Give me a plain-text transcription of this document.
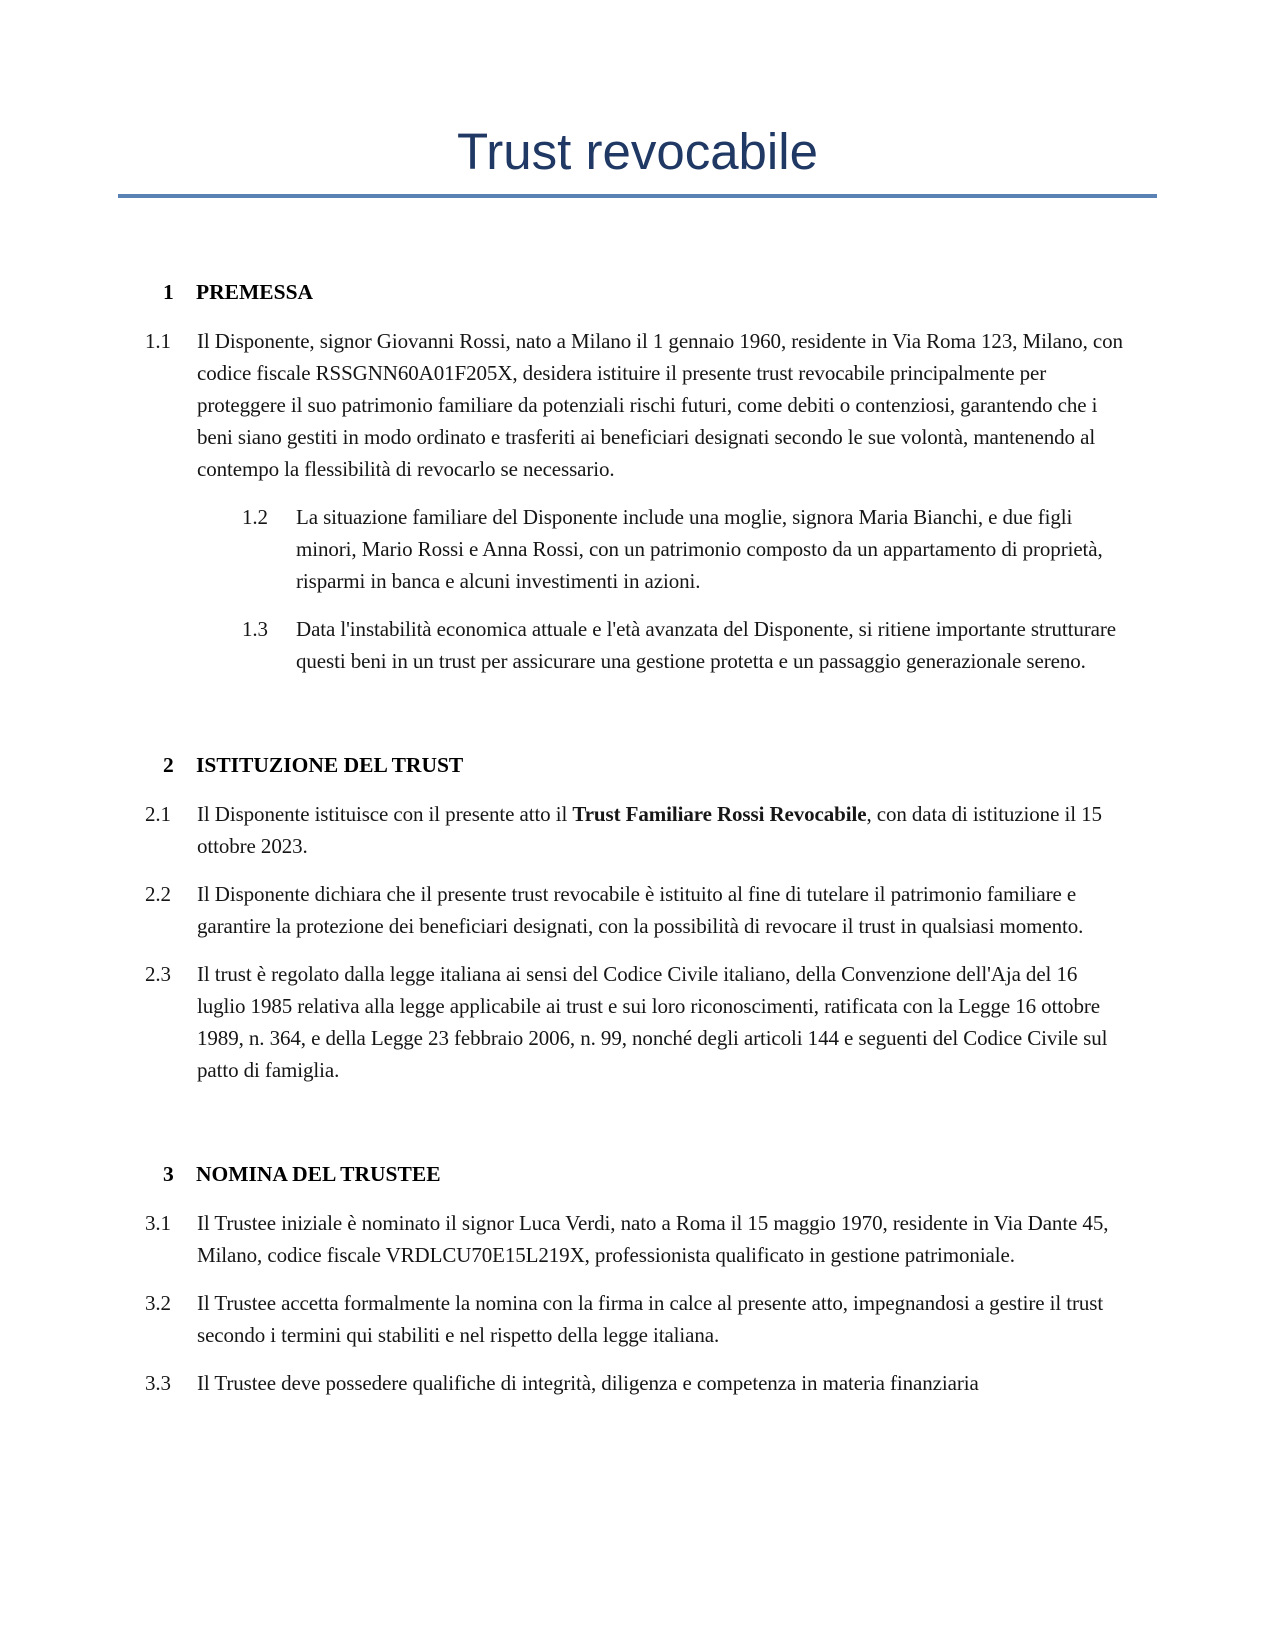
Trust revocabile
1	PREMESSA
1.1	Il Disponente, signor Giovanni Rossi, nato a Milano il 1 gennaio 1960, residente in Via Roma 123, Milano, con codice fiscale RSSGNN60A01F205X, desidera istituire il presente trust revocabile principalmente per proteggere il suo patrimonio familiare da potenziali rischi futuri, come debiti o contenziosi, garantendo che i beni siano gestiti in modo ordinato e trasferiti ai beneficiari designati secondo le sue volontà, mantenendo al contempo la flessibilità di revocarlo se necessario.

1.2	La situazione familiare del Disponente include una moglie, signora Maria Bianchi, e due figli minori, Mario Rossi e Anna Rossi, con un patrimonio composto da un appartamento di proprietà, risparmi in banca e alcuni investimenti in azioni.

1.3	Data l'instabilità economica attuale e l'età avanzata del Disponente, si ritiene importante strutturare questi beni in un trust per assicurare una gestione protetta e un passaggio generazionale sereno.

2	ISTITUZIONE DEL TRUST
2.1	Il Disponente istituisce con il presente atto il Trust Familiare Rossi Revocabile, con data di istituzione il 15 ottobre 2023.

2.2	Il Disponente dichiara che il presente trust revocabile è istituito al fine di tutelare il patrimonio familiare e garantire la protezione dei beneficiari designati, con la possibilità di revocare il trust in qualsiasi momento.

2.3	Il trust è regolato dalla legge italiana ai sensi del Codice Civile italiano, della Convenzione dell'Aja del 16 luglio 1985 relativa alla legge applicabile ai trust e sui loro riconoscimenti, ratificata con la Legge 16 ottobre 1989, n. 364, e della Legge 23 febbraio 2006, n. 99, nonché degli articoli 144 e seguenti del Codice Civile sul patto di famiglia.

3	NOMINA DEL TRUSTEE
3.1	Il Trustee iniziale è nominato il signor Luca Verdi, nato a Roma il 15 maggio 1970, residente in Via Dante 45, Milano, codice fiscale VRDLCU70E15L219X, professionista qualificato in gestione patrimoniale.

3.2	Il Trustee accetta formalmente la nomina con la firma in calce al presente atto, impegnandosi a gestire il trust secondo i termini qui stabiliti e nel rispetto della legge italiana.

3.3	Il Trustee deve possedere qualifiche di integrità, diligenza e competenza in materia finanziaria
